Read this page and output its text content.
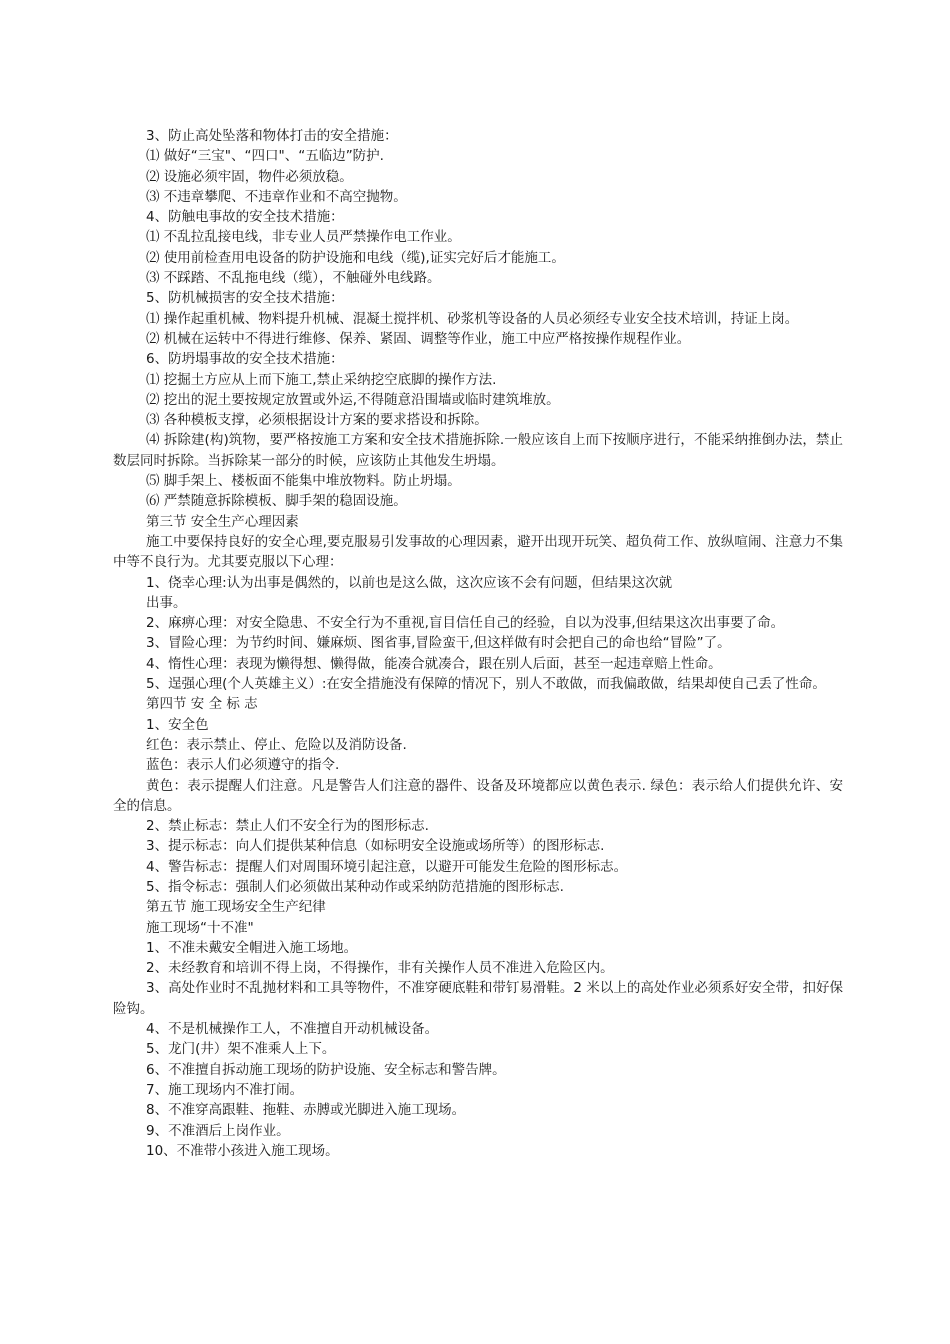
3、防止高处坠落和物体打击的安全措施：

⑴ 做好“三宝"、“四口"、“五临边”防护.

⑵ 设施必须牢固，物件必须放稳。

⑶ 不违章攀爬、不违章作业和不高空抛物。

4、防触电事故的安全技术措施：

⑴ 不乱拉乱接电线，非专业人员严禁操作电工作业。

⑵ 使用前检查用电设备的防护设施和电线（缆),证实完好后才能施工。

⑶ 不踩踏、不乱拖电线（缆），不触碰外电线路。

5、防机械损害的安全技术措施：

⑴ 操作起重机械、物料提升机械、混凝土搅拌机、砂浆机等设备的人员必须经专业安全技术培训，持证上岗。

⑵ 机械在运转中不得进行维修、保养、紧固、调整等作业，施工中应严格按操作规程作业。

6、防坍塌事故的安全技术措施：

⑴ 挖掘土方应从上而下施工,禁止采纳挖空底脚的操作方法.

⑵ 挖出的泥土要按规定放置或外运,不得随意沿围墙或临时建筑堆放。

⑶ 各种模板支撑，必须根据设计方案的要求搭设和拆除。

⑷ 拆除建(构)筑物，要严格按施工方案和安全技术措施拆除.一般应该自上而下按顺序进行，不能采纳推倒办法，禁止数层同时拆除。当拆除某一部分的时候，应该防止其他发生坍塌。

⑸ 脚手架上、楼板面不能集中堆放物料。防止坍塌。

⑹ 严禁随意拆除模板、脚手架的稳固设施。

第三节 安全生产心理因素

施工中要保持良好的安全心理,要克服易引发事故的心理因素，避开出现开玩笑、超负荷工作、放纵喧闹、注意力不集中等不良行为。尤其要克服以下心理：

1、侥幸心理:认为出事是偶然的，以前也是这么做，这次应该不会有问题，但结果这次就

出事。

2、麻痹心理：对安全隐患、不安全行为不重视,盲目信任自己的经验，自以为没事,但结果这次出事要了命。

3、冒险心理：为节约时间、嫌麻烦、图省事,冒险蛮干,但这样做有时会把自己的命也给“冒险”了。

4、惰性心理：表现为懒得想、懒得做，能凑合就凑合，跟在别人后面，甚至一起违章赔上性命。

5、逞强心理(个人英雄主义）:在安全措施没有保障的情况下，别人不敢做，而我偏敢做，结果却使自己丢了性命。

第四节 安 全 标 志

1、安全色

红色：表示禁止、停止、危险以及消防设备.

蓝色：表示人们必须遵守的指令.

黄色：表示提醒人们注意。凡是警告人们注意的器件、设备及环境都应以黄色表示. 绿色：表示给人们提供允许、安全的信息。

2、禁止标志：禁止人们不安全行为的图形标志.

3、提示标志：向人们提供某种信息（如标明安全设施或场所等）的图形标志.

4、警告标志：提醒人们对周围环境引起注意，以避开可能发生危险的图形标志。

5、指令标志：强制人们必须做出某种动作或采纳防范措施的图形标志.

第五节 施工现场安全生产纪律

施工现场“十不准"

1、不准未戴安全帽进入施工场地。

2、未经教育和培训不得上岗，不得操作，非有关操作人员不准进入危险区内。

3、高处作业时不乱抛材料和工具等物件，不准穿硬底鞋和带钉易滑鞋。2 米以上的高处作业必须系好安全带，扣好保险钩。

4、不是机械操作工人，不准擅自开动机械设备。

5、龙门(井）架不准乘人上下。

6、不准擅自拆动施工现场的防护设施、安全标志和警告牌。

7、施工现场内不准打闹。

8、不准穿高跟鞋、拖鞋、赤膊或光脚进入施工现场。

9、不准酒后上岗作业。

10、不准带小孩进入施工现场。
